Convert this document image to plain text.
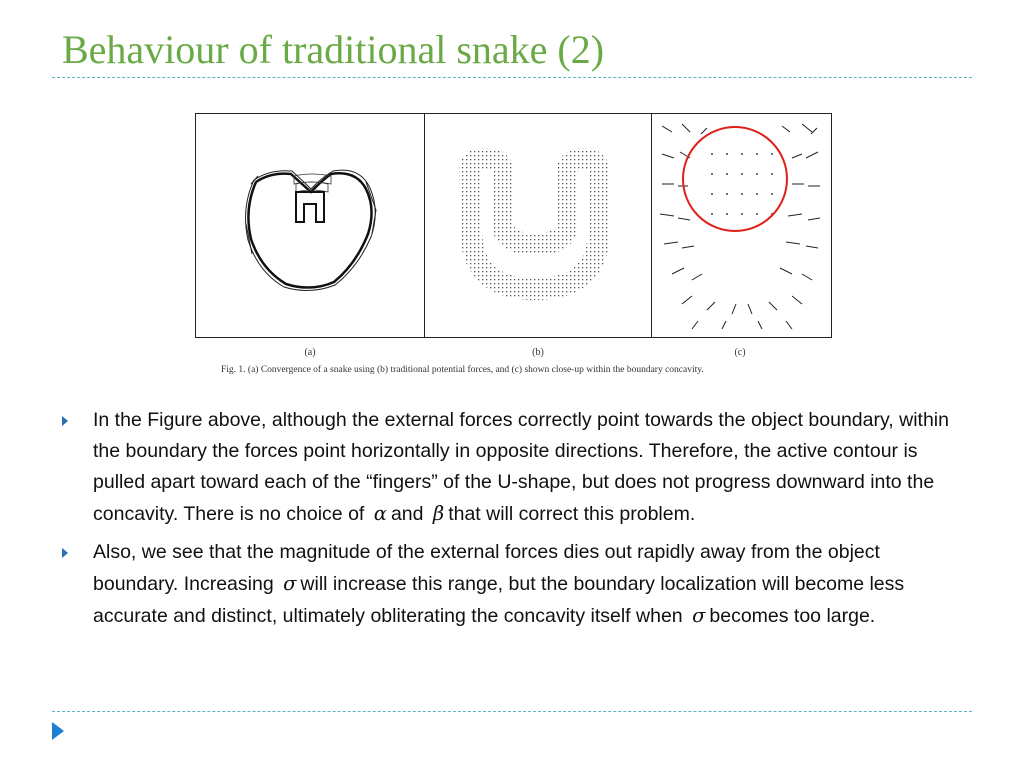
Behaviour of traditional snake (2)
(a)	(b)	(c)
Fig. 1. (a) Convergence of a snake using (b) traditional potential forces, and (c) shown close-up within the boundary concavity.
In the Figure above, although the external forces correctly point towards the object boundary, within the boundary the forces point horizontally in opposite directions. Therefore, the active contour is pulled apart toward each of the “fingers” of the U-shape, but does not progress downward into the concavity. There is no choice of α and β that will correct this problem.
Also, we see that the magnitude of the external forces dies out rapidly away from the object boundary. Increasing σ will increase this range, but the boundary localization will become less accurate and distinct, ultimately obliterating the concavity itself when σ becomes too large.
